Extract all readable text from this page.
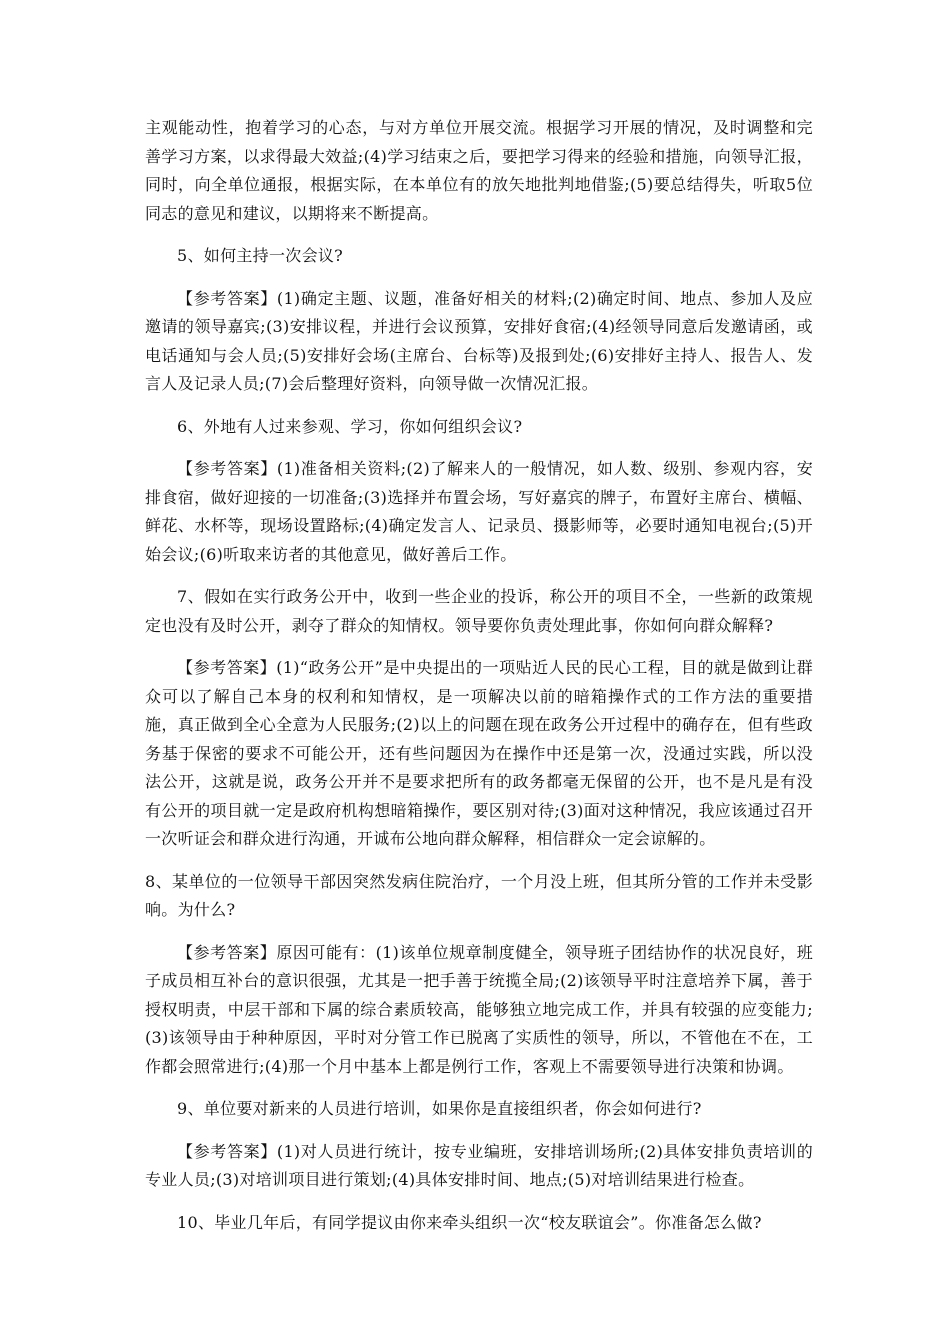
主观能动性，抱着学习的心态，与对方单位开展交流。根据学习开展的情况，及时调整和完善学习方案，以求得最大效益;(4)学习结束之后，要把学习得来的经验和措施，向领导汇报，同时，向全单位通报，根据实际，在本单位有的放矢地批判地借鉴;(5)要总结得失，听取5位同志的意见和建议，以期将来不断提高。

5、如何主持一次会议?

【参考答案】(1)确定主题、议题，准备好相关的材料;(2)确定时间、地点、参加人及应邀请的领导嘉宾;(3)安排议程，并进行会议预算，安排好食宿;(4)经领导同意后发邀请函，或电话通知与会人员;(5)安排好会场(主席台、台标等)及报到处;(6)安排好主持人、报告人、发言人及记录人员;(7)会后整理好资料，向领导做一次情况汇报。

6、外地有人过来参观、学习，你如何组织会议?

【参考答案】(1)准备相关资料;(2)了解来人的一般情况，如人数、级别、参观内容，安排食宿，做好迎接的一切准备;(3)选择并布置会场，写好嘉宾的牌子，布置好主席台、横幅、鲜花、水杯等，现场设置路标;(4)确定发言人、记录员、摄影师等，必要时通知电视台;(5)开始会议;(6)听取来访者的其他意见，做好善后工作。

7、假如在实行政务公开中，收到一些企业的投诉，称公开的项目不全，一些新的政策规定也没有及时公开，剥夺了群众的知情权。领导要你负责处理此事，你如何向群众解释?

【参考答案】(1)“政务公开”是中央提出的一项贴近人民的民心工程，目的就是做到让群众可以了解自己本身的权利和知情权，是一项解决以前的暗箱操作式的工作方法的重要措施，真正做到全心全意为人民服务;(2)以上的问题在现在政务公开过程中的确存在，但有些政务基于保密的要求不可能公开，还有些问题因为在操作中还是第一次，没通过实践，所以没法公开，这就是说，政务公开并不是要求把所有的政务都毫无保留的公开，也不是凡是有没有公开的项目就一定是政府机构想暗箱操作，要区别对待;(3)面对这种情况，我应该通过召开一次听证会和群众进行沟通，开诚布公地向群众解释，相信群众一定会谅解的。

8、某单位的一位领导干部因突然发病住院治疗，一个月没上班，但其所分管的工作并未受影响。为什么?

【参考答案】原因可能有：(1)该单位规章制度健全，领导班子团结协作的状况良好，班子成员相互补台的意识很强，尤其是一把手善于统揽全局;(2)该领导平时注意培养下属，善于授权明责，中层干部和下属的综合素质较高，能够独立地完成工作，并具有较强的应变能力;(3)该领导由于种种原因，平时对分管工作已脱离了实质性的领导，所以，不管他在不在，工作都会照常进行;(4)那一个月中基本上都是例行工作，客观上不需要领导进行决策和协调。

9、单位要对新来的人员进行培训，如果你是直接组织者，你会如何进行?

【参考答案】(1)对人员进行统计，按专业编班，安排培训场所;(2)具体安排负责培训的专业人员;(3)对培训项目进行策划;(4)具体安排时间、地点;(5)对培训结果进行检查。

10、毕业几年后，有同学提议由你来牵头组织一次“校友联谊会”。你准备怎么做?
